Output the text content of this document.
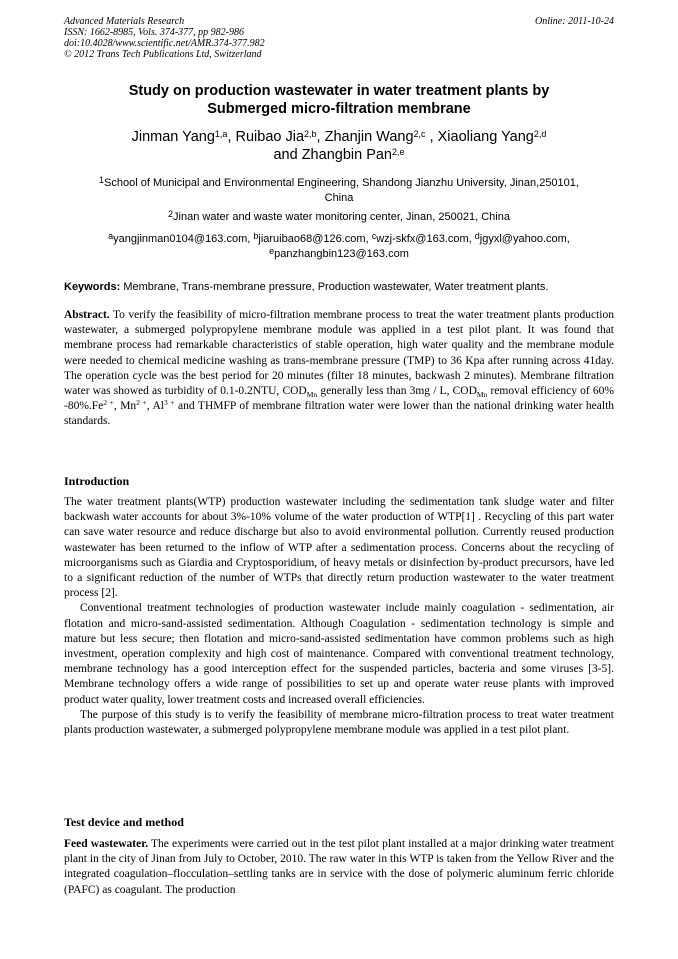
Advanced Materials Research
ISSN: 1662-8985, Vols. 374-377, pp 982-986
doi:10.4028/www.scientific.net/AMR.374-377.982
© 2012 Trans Tech Publications Ltd, Switzerland
Online: 2011-10-24
Study on production wastewater in water treatment plants by
Submerged micro-filtration membrane
Jinman Yang$^{1,a}$, Ruibao Jia$^{2,b}$, Zhanjin Wang$^{2,c}$ , Xiaoliang Yang$^{2,d}$
and Zhangbin Pan$^{2,e}$
$^1$School of Municipal and Environmental Engineering, Shandong Jianzhu University, Jinan,250101,
China
$^2$Jinan water and waste water monitoring center, Jinan, 250021, China
$^a$yangjinman0104@163.com, $^b$jiaruibao68@126.com, $^c$wzj-skfx@163.com, $^d$jgyxl@yahoo.com,
$^e$panzhangbin123@163.com
Keywords: Membrane, Trans-membrane pressure, Production wastewater, Water treatment plants.

Abstract. To verify the feasibility of micro-filtration membrane process to treat the water treatment plants production wastewater, a submerged polypropylene membrane module was applied in a test pilot plant. It was found that membrane process had remarkable characteristics of stable operation, high water quality and the membrane module were needed to chemical medicine washing as trans-membrane pressure (TMP) to 36 Kpa after running across 41day. The operation cycle was the best period for 20 minutes (filter 18 minutes, backwash 2 minutes). Membrane filtration water was showed as turbidity of 0.1-0.2NTU, $COD_{Mn}$ generally less than 3mg / L, $COD_{Mn}$ removal efficiency of 60% $-80\%.Fe^{2 +}$, $Mn^{2 +}$, $Al^{3 +}$ and THMFP of membrane filtration water were lower than the national drinking water health standards.

Introduction

The water treatment plants(WTP) production wastewater including the sedimentation tank sludge water and filter backwash water accounts for about 3%-10% volume of the water production of WTP[1] . Recycling of this part water can save water resource and reduce discharge but also to avoid environmental pollution. Currently reused production wastewater has been returned to the inflow of WTP after a sedimentation process. Concerns about the recycling of microorganisms such as Giardia and Cryptosporidium, of heavy metals or disinfection by-product precursors, have led to a significant reduction of the number of WTPs that directly return production wastewater to the water treatment process [2].

Conventional treatment technologies of production wastewater include mainly coagulation - sedimentation, air flotation and micro-sand-assisted sedimentation. Although Coagulation - sedimentation technology is simple and mature but less secure; then flotation and micro-sand-assisted sedimentation have common problems such as high investment, operation complexity and high cost of maintenance. Compared with conventional treatment technology, membrane technology has a good interception effect for the suspended particles, bacteria and some viruses [3-5]. Membrane technology offers a wide range of possibilities to set up and operate water reuse plants with improved product water quality, lower treatment costs and increased overall efficiencies.

The purpose of this study is to verify the feasibility of membrane micro-filtration process to treat water treatment plants production wastewater, a submerged polypropylene membrane module was applied in a test pilot plant.

Test device and method

Feed wastewater. The experiments were carried out in the test pilot plant installed at a major drinking water treatment plant in the city of Jinan from July to October, 2010. The raw water in this WTP is taken from the Yellow River and the integrated coagulation–flocculation–settling tanks are in service with the dose of polymeric aluminum ferric chloride (PAFC) as coagulant. The production
